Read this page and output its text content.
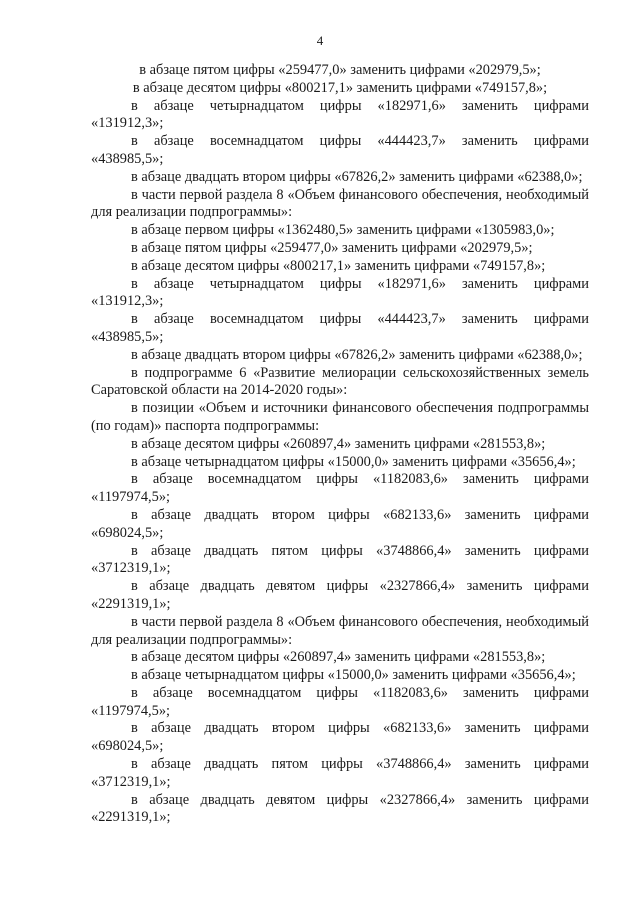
4

в абзаце пятом цифры «259477,0» заменить цифрами «202979,5»;

в абзаце десятом цифры «800217,1» заменить цифрами «749157,8»;

в абзаце четырнадцатом цифры «182971,6» заменить цифрами «131912,3»;

в абзаце восемнадцатом цифры «444423,7» заменить цифрами «438985,5»;

в абзаце двадцать втором цифры «67826,2» заменить цифрами «62388,0»;

в части первой раздела 8 «Объем финансового обеспечения, необходимый для реализации подпрограммы»:

в абзаце первом цифры «1362480,5» заменить цифрами «1305983,0»;

в абзаце пятом цифры «259477,0» заменить цифрами «202979,5»;

в абзаце десятом цифры «800217,1» заменить цифрами «749157,8»;

в абзаце четырнадцатом цифры «182971,6» заменить цифрами «131912,3»;

в абзаце восемнадцатом цифры «444423,7» заменить цифрами «438985,5»;

в абзаце двадцать втором цифры «67826,2» заменить цифрами «62388,0»;

в подпрограмме 6 «Развитие мелиорации сельскохозяйственных земель Саратовской области на 2014-2020 годы»:

в позиции «Объем и источники финансового обеспечения подпрограммы (по годам)» паспорта подпрограммы:

в абзаце десятом цифры «260897,4» заменить цифрами «281553,8»;

в абзаце четырнадцатом цифры «15000,0» заменить цифрами «35656,4»;

в абзаце восемнадцатом цифры «1182083,6» заменить цифрами «1197974,5»;

в абзаце двадцать втором цифры «682133,6» заменить цифрами «698024,5»;

в абзаце двадцать пятом цифры «3748866,4» заменить цифрами «3712319,1»;

в абзаце двадцать девятом цифры «2327866,4» заменить цифрами «2291319,1»;

в части первой раздела 8 «Объем финансового обеспечения, необходимый для реализации подпрограммы»:

в абзаце десятом цифры «260897,4» заменить цифрами «281553,8»;

в абзаце четырнадцатом цифры «15000,0» заменить цифрами «35656,4»;

в абзаце восемнадцатом цифры «1182083,6» заменить цифрами «1197974,5»;

в абзаце двадцать втором цифры «682133,6» заменить цифрами «698024,5»;

в абзаце двадцать пятом цифры «3748866,4» заменить цифрами «3712319,1»;

в абзаце двадцать девятом цифры «2327866,4» заменить цифрами «2291319,1»;
